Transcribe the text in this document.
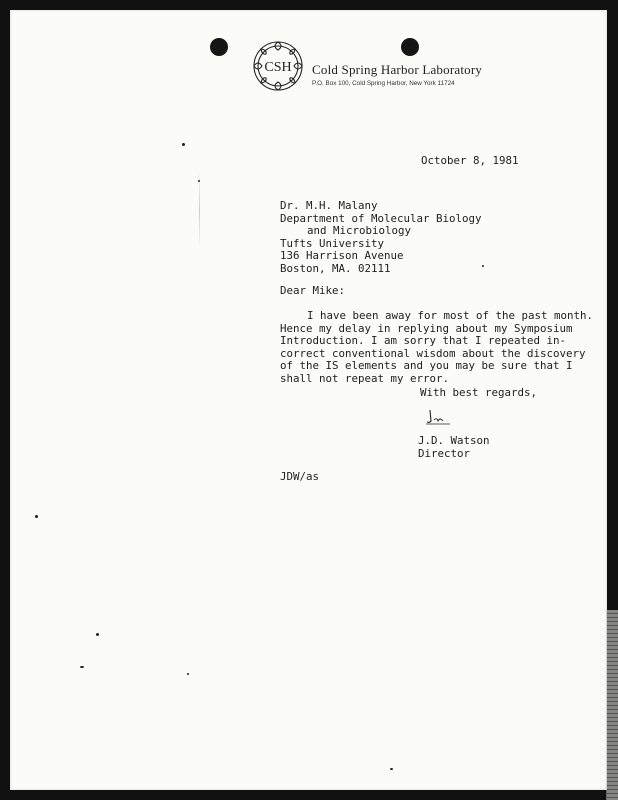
CSH Cold Spring Harbor Laboratory
P.O. Box 100, Cold Spring Harbor, New York 11724
October 8, 1981
Dr. M.H. Malany
Department of Molecular Biology
and Microbiology
Tufts University
136 Harrison Avenue
Boston, MA. 02111
Dear Mike:
I have been away for most of the past month.
Hence my delay in replying about my Symposium
Introduction. I am sorry that I repeated in-
correct conventional wisdom about the discovery
of the IS elements and you may be sure that I
shall not repeat my error.
With best regards,
J.D. Watson
Director
JDW/as
